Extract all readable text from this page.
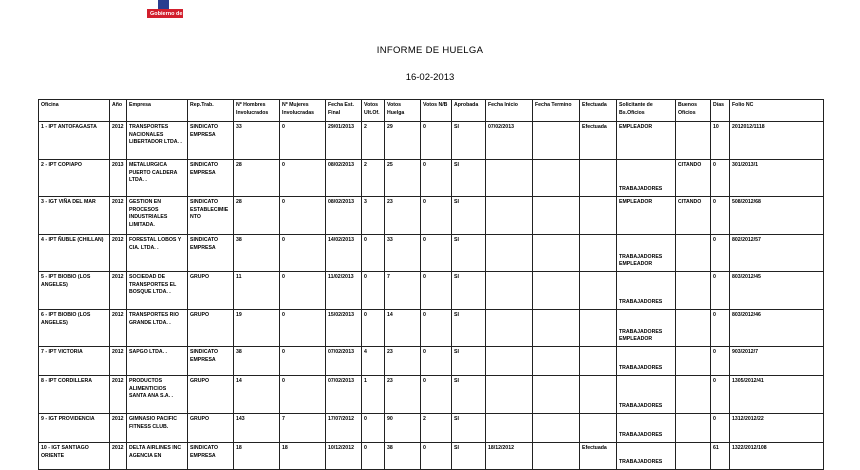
Gobierno de Chile
INFORME DE HUELGA
16-02-2013
Oficina	Año	Empresa	Rep.Trab.	Nº Hombres Involucrados	Nº Mujeres Involucradas	Fecha Est. Final	Votos Ult.Of.	Votos Huelga	Votos N/B	Aprobada	Fecha Inicio	Fecha Termino	Efectuada	Solicitante de Bs.Oficios	Buenos Oficios	Días	Folio NC
1 - IPT ANTOFAGASTA	2012	TRANSPORTES NACIONALES LIBERTADOR LTDA. .	SINDICATO EMPRESA	33	0	29/01/2013	2	29	0	SI	07/02/2013		Efectuada	EMPLEADOR		10	2012012/1118
2 - IPT COPIAPO	2013	METALURGICA PUERTO CALDERA LTDA. .	SINDICATO EMPRESA	28	0	08/02/2013	2	25	0	SI				TRABAJADORES	CITANDO	0	301/2013/1
3 - IGT VIÑA DEL MAR	2012	GESTION EN PROCESOS INDUSTRIALES LIMITADA.	SINDICATO ESTABLECIMIENTO	28	0	08/02/2013	3	23	0	SI				EMPLEADOR	CITANDO	0	508/2012/68
4 - IPT ÑUBLE (CHILLAN)	2012	FORESTAL LOBOS Y CIA. LTDA. .	SINDICATO EMPRESA	38	0	14/02/2013	0	33	0	SI				TRABAJADORES EMPLEADOR		0	802/2012/57
5 - IPT BIOBIO (LOS ANGELES)	2012	SOCIEDAD DE TRANSPORTES EL BOSQUE LTDA. .	GRUPO	11	0	11/02/2013	0	7	0	SI				TRABAJADORES		0	803/2012/45
6 - IPT BIOBIO (LOS ANGELES)	2012	TRANSPORTES RIO GRANDE LTDA. .	GRUPO	19	0	15/02/2013	0	14	0	SI				TRABAJADORES EMPLEADOR		0	803/2012/46
7 - IPT VICTORIA	2012	SAPGO LTDA. .	SINDICATO EMPRESA	38	0	07/02/2013	4	23	0	SI				TRABAJADORES		0	903/2012/7
8 - IPT CORDILLERA	2012	PRODUCTOS ALIMENTICIOS SANTA ANA S.A. .	GRUPO	14	0	07/02/2013	1	23	0	SI				TRABAJADORES		0	1305/2012/41
9 - IGT PROVIDENCIA	2012	GIMNASIO PACIFIC FITNESS CLUB.	GRUPO	143	7	17/07/2012	0	90	2	SI				TRABAJADORES		0	1312/2012/22
10 - IGT SANTIAGO ORIENTE	2012	DELTA AIRLINES INC AGENCIA EN	SINDICATO EMPRESA	18	18	10/12/2012	0	38	0	SI	18/12/2012		Efectuada	TRABAJADORES		61	1322/2012/108
